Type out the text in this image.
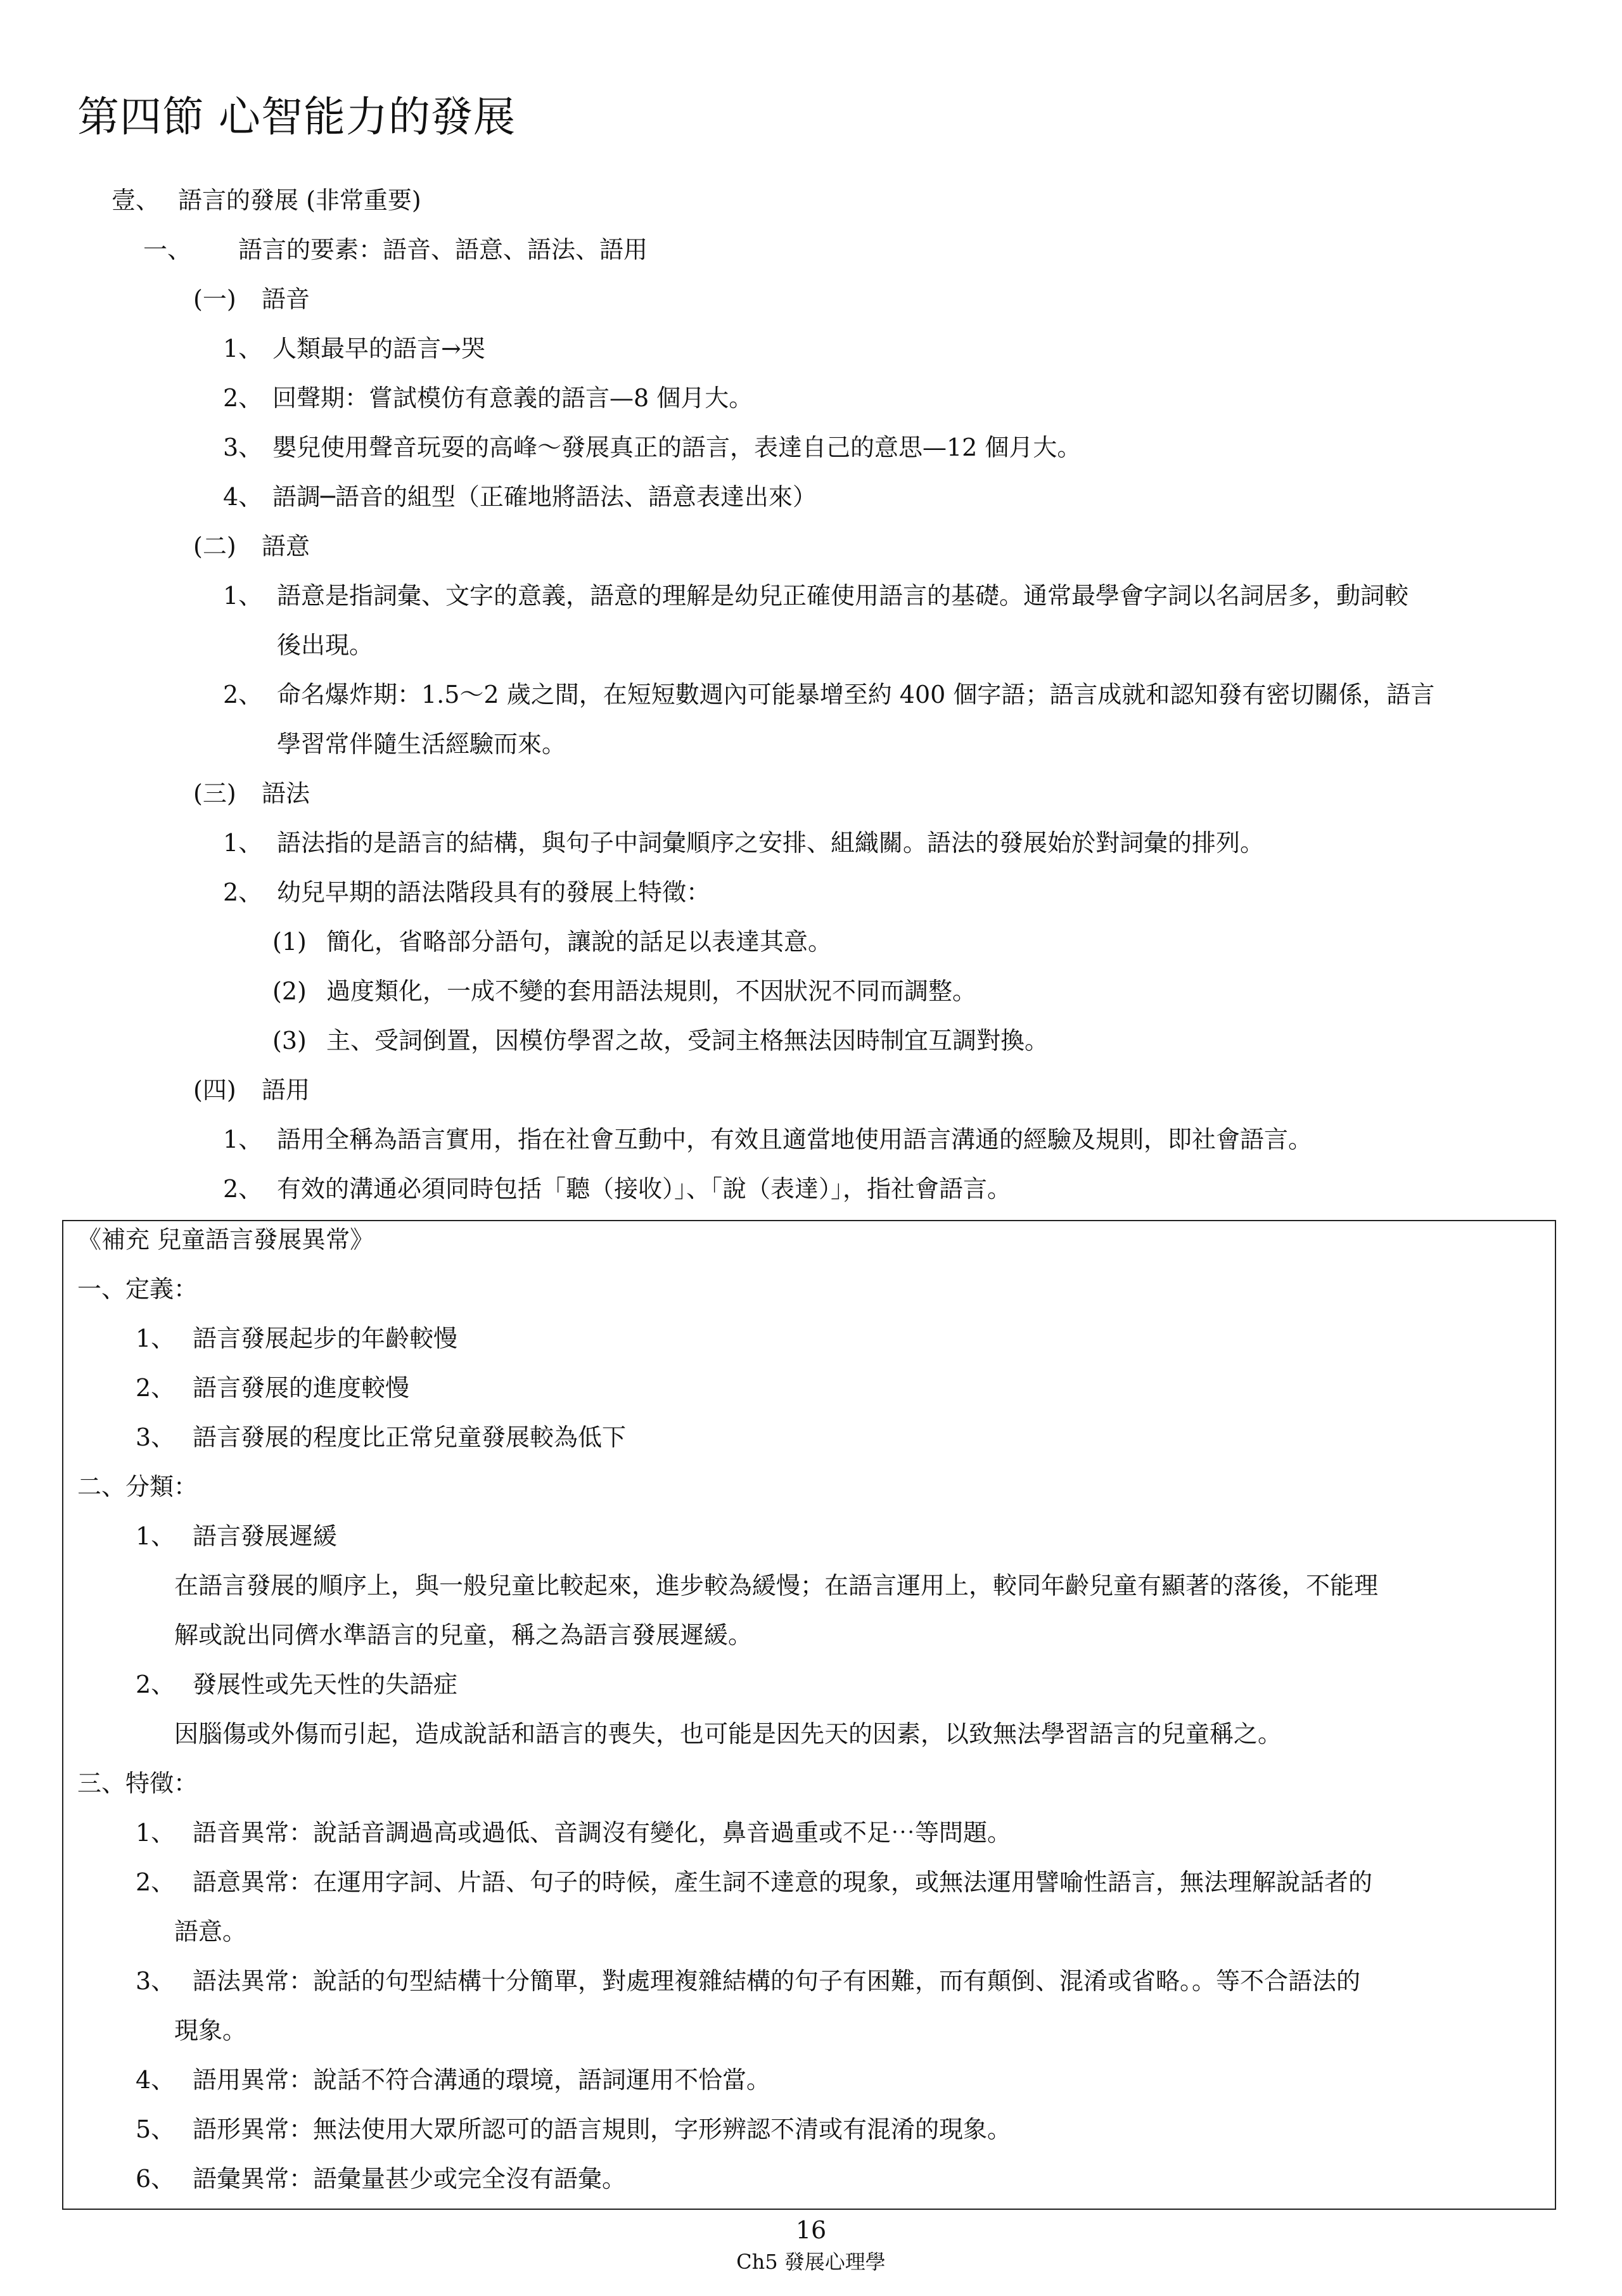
第四節 心智能力的發展
壹、 語言的發展 (非常重要)
一、 語言的要素：語音、語意、語法、語用
(一) 語音
1、 人類最早的語言→哭
2、 回聲期：嘗試模仿有意義的語言—8 個月大。
3、 嬰兒使用聲音玩耍的高峰～發展真正的語言，表達自己的意思—12 個月大。
4、 語調─語音的組型（正確地將語法、語意表達出來）
(二) 語意
1、 語意是指詞彙、文字的意義，語意的理解是幼兒正確使用語言的基礎。通常最學會字詞以名詞居多，動詞較
後出現。
2、 命名爆炸期：1.5～2 歲之間，在短短數週內可能暴增至約 400 個字語；語言成就和認知發有密切關係，語言
學習常伴隨生活經驗而來。
(三) 語法
1、 語法指的是語言的結構，與句子中詞彙順序之安排、組織關。語法的發展始於對詞彙的排列。
2、 幼兒早期的語法階段具有的發展上特徵：
(1) 簡化，省略部分語句，讓說的話足以表達其意。
(2) 過度類化，一成不變的套用語法規則，不因狀況不同而調整。
(3) 主、受詞倒置，因模仿學習之故，受詞主格無法因時制宜互調對換。
(四) 語用
1、 語用全稱為語言實用，指在社會互動中，有效且適當地使用語言溝通的經驗及規則，即社會語言。
2、 有效的溝通必須同時包括「聽（接收）」、「說（表達）」，指社會語言。
《補充 兒童語言發展異常》
一、定義：
1、 語言發展起步的年齡較慢
2、 語言發展的進度較慢
3、 語言發展的程度比正常兒童發展較為低下
二、分類：
1、 語言發展遲緩
在語言發展的順序上，與一般兒童比較起來，進步較為緩慢；在語言運用上，較同年齡兒童有顯著的落後，不能理
解或說出同儕水準語言的兒童，稱之為語言發展遲緩。
2、 發展性或先天性的失語症
因腦傷或外傷而引起，造成說話和語言的喪失，也可能是因先天的因素，以致無法學習語言的兒童稱之。
三、特徵：
1、 語音異常：說話音調過高或過低、音調沒有變化，鼻音過重或不足⋯等問題。
2、 語意異常：在運用字詞、片語、句子的時候，產生詞不達意的現象，或無法運用譬喻性語言，無法理解說話者的
語意。
3、 語法異常：說話的句型結構十分簡單，對處理複雜結構的句子有困難，而有顛倒、混淆或省略。。等不合語法的
現象。
4、 語用異常：說話不符合溝通的環境，語詞運用不恰當。
5、 語形異常：無法使用大眾所認可的語言規則，字形辨認不清或有混淆的現象。
6、 語彙異常：語彙量甚少或完全沒有語彙。
16
Ch5 發展心理學
